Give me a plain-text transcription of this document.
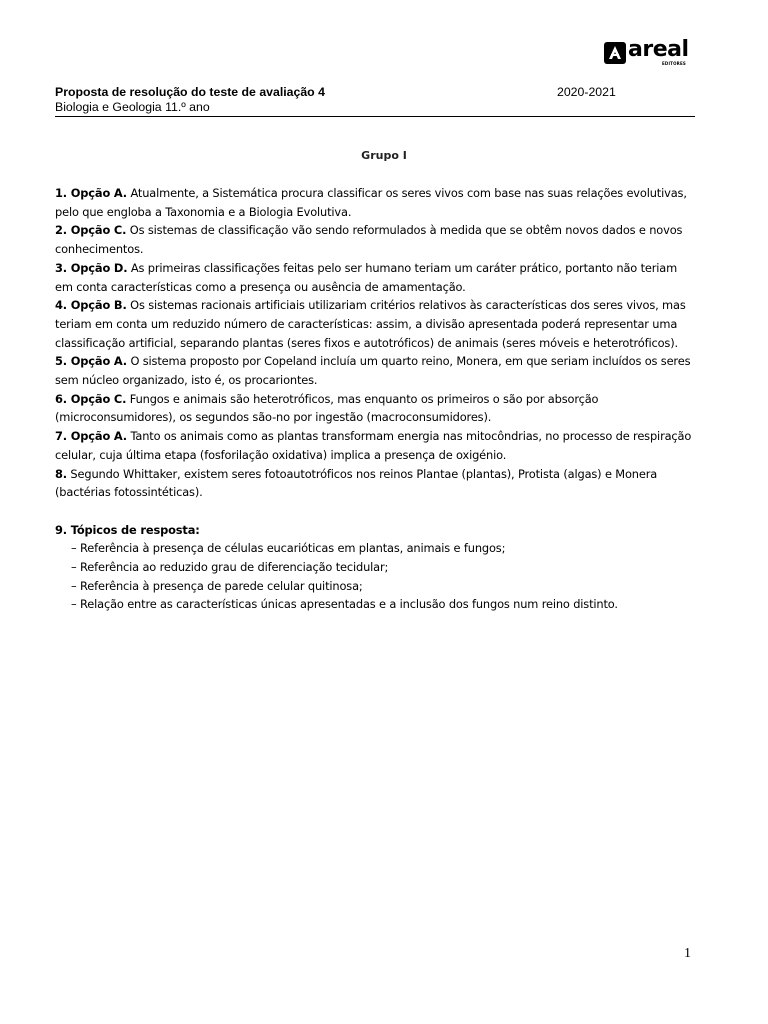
areal
EDITORES
Proposta de resolução do teste de avaliação 4	2020-2021
Biologia e Geologia 11.º ano
Grupo I

1. Opção A. Atualmente, a Sistemática procura classificar os seres vivos com base nas suas relações evolutivas, pelo que engloba a Taxonomia e a Biologia Evolutiva.

2. Opção C. Os sistemas de classificação vão sendo reformulados à medida que se obtêm novos dados e novos conhecimentos.

3. Opção D. As primeiras classificações feitas pelo ser humano teriam um caráter prático, portanto não teriam em conta características como a presença ou ausência de amamentação.

4. Opção B. Os sistemas racionais artificiais utilizariam critérios relativos às características dos seres vivos, mas teriam em conta um reduzido número de características: assim, a divisão apresentada poderá representar uma classificação artificial, separando plantas (seres fixos e autotróficos) de animais (seres móveis e heterotróficos).

5. Opção A. O sistema proposto por Copeland incluía um quarto reino, Monera, em que seriam incluídos os seres sem núcleo organizado, isto é, os procariontes.

6. Opção C. Fungos e animais são heterotróficos, mas enquanto os primeiros o são por absorção (microconsumidores), os segundos são-no por ingestão (macroconsumidores).

7. Opção A. Tanto os animais como as plantas transformam energia nas mitocôndrias, no processo de respiração celular, cuja última etapa (fosforilação oxidativa) implica a presença de oxigénio.

8. Segundo Whittaker, existem seres fotoautotróficos nos reinos Plantae (plantas), Protista (algas) e Monera (bactérias fotossintéticas).

9. Tópicos de resposta:

– Referência à presença de células eucarióticas em plantas, animais e fungos;

– Referência ao reduzido grau de diferenciação tecidular;

– Referência à presença de parede celular quitinosa;

– Relação entre as características únicas apresentadas e a inclusão dos fungos num reino distinto.

1
